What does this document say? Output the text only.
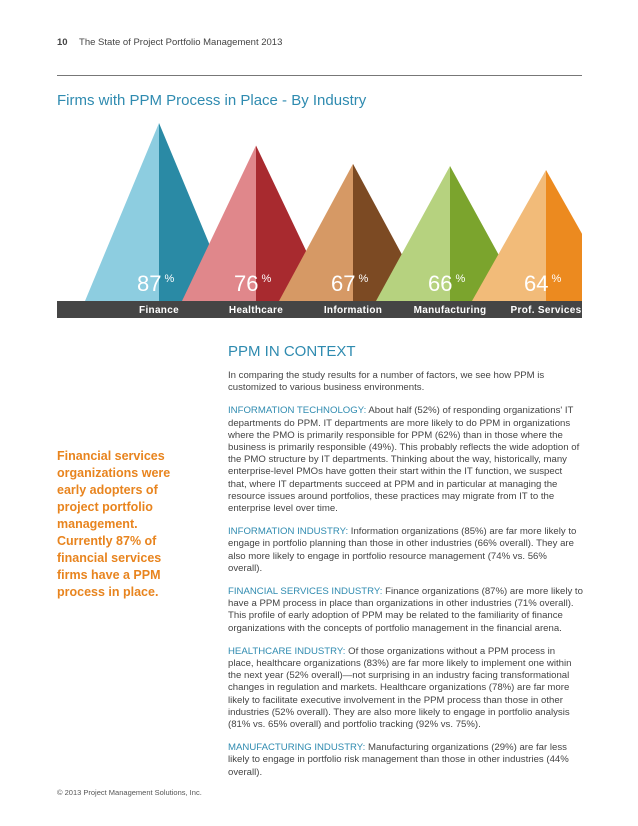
10 The State of Project Portfolio Management 2013
Firms with PPM Process in Place - By Industry
87 %	76 %	67 %	66 %	64 %
Finance	Healthcare	Information	Manufacturing	Prof. Services
PPM IN CONTEXT

In comparing the study results for a number of factors, we see how PPM is customized to various business environments.

INFORMATION TECHNOLOGY: About half (52%) of responding organizations' IT departments do PPM. IT departments are more likely to do PPM in organizations where the PMO is primarily responsible for PPM (62%) than in those where the business is primarily responsible (49%). This probably reflects the wide adoption of the PMO structure by IT departments. Thinking about the way, historically, many enterprise-level PMOs have gotten their start within the IT function, we suspect that, where IT departments succeed at PPM and in particular at managing the resource issues around portfolios, these practices may migrate from IT to the enterprise level over time.

INFORMATION INDUSTRY: Information organizations (85%) are far more likely to engage in portfolio planning than those in other industries (66% overall). They are also more likely to engage in portfolio resource management (74% vs. 56% overall).

FINANCIAL SERVICES INDUSTRY: Finance organizations (87%) are more likely to have a PPM process in place than organizations in other industries (71% overall). This profile of early adoption of PPM may be related to the familiarity of finance organizations with the concepts of portfolio management in the financial arena.

HEALTHCARE INDUSTRY: Of those organizations without a PPM process in place, healthcare organizations (83%) are far more likely to implement one within the next year (52% overall)—not surprising in an industry facing transformational changes in regulation and markets. Healthcare organizations (78%) are far more likely to facilitate executive involvement in the PPM process than those in other industries (52% overall). They are also more likely to engage in portfolio analysis (81% vs. 65% overall) and portfolio tracking (92% vs. 75%).

MANUFACTURING INDUSTRY: Manufacturing organizations (29%) are far less likely to engage in portfolio risk management than those in other industries (44% overall).

Financial services organizations were early adopters of project portfolio management. Currently 87% of financial services firms have a PPM process in place.
© 2013 Project Management Solutions, Inc.
